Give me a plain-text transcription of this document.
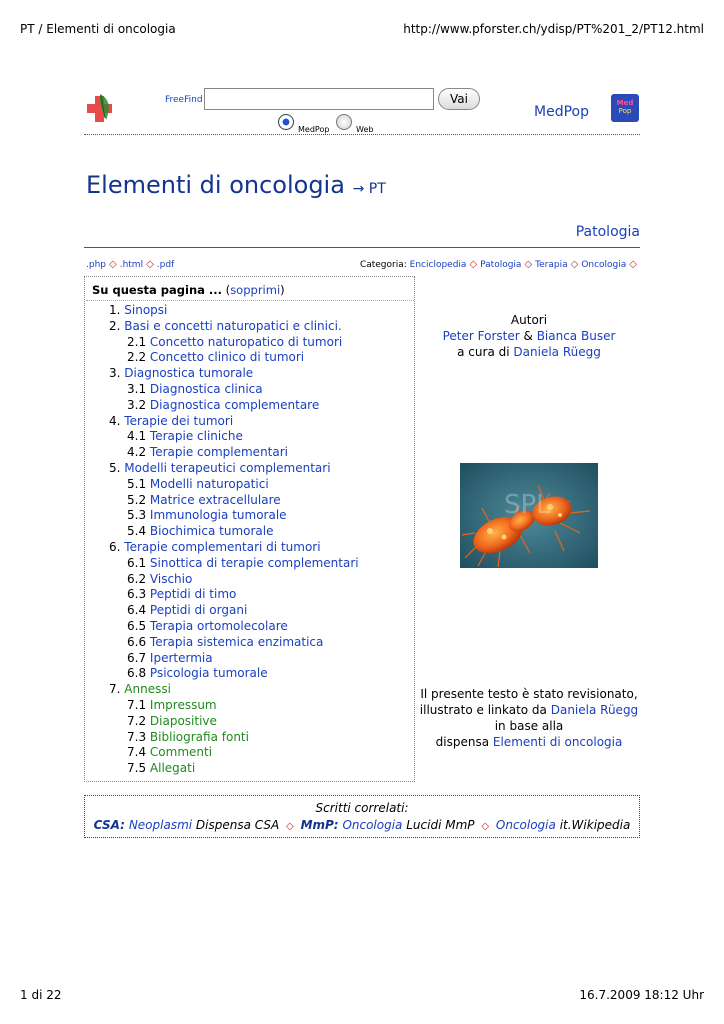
PT / Elementi di oncologia	http://www.pforster.ch/ydisp/PT%201_2/PT12.html
FreeFind	Vai
MedPop	Web
MedPop
Med
Pop
Elementi di oncologia → PT
Patologia
.php ◇ .html ◇ .pdf	Categoria: Enciclopedia ◇ Patologia ◇ Terapia ◇ Oncologia ◇
Su questa pagina ... (sopprimi)
1. Sinopsi
2. Basi e concetti naturopatici e clinici.
2.1 Concetto naturopatico di tumori
2.2 Concetto clinico di tumori
3. Diagnostica tumorale
3.1 Diagnostica clinica
3.2 Diagnostica complementare
4. Terapie dei tumori
4.1 Terapie cliniche
4.2 Terapie complementari
5. Modelli terapeutici complementari
5.1 Modelli naturopatici
5.2 Matrice extracellulare
5.3 Immunologia tumorale
5.4 Biochimica tumorale
6. Terapie complementari di tumori
6.1 Sinottica di terapie complementari
6.2 Vischio
6.3 Peptidi di timo
6.4 Peptidi di organi
6.5 Terapia ortomolecolare
6.6 Terapia sistemica enzimatica
6.7 Ipertermia
6.8 Psicologia tumorale
7. Annessi
7.1 Impressum
7.2 Diapositive
7.3 Bibliografia fonti
7.4 Commenti
7.5 Allegati
Autori
Peter Forster & Bianca Buser
a cura di Daniela Rüegg
SPL
Il presente testo è stato revisionato,
illustrato e linkato da Daniela Rüegg
in base alla
dispensa Elementi di oncologia
Scritti correlati:
CSA: Neoplasmi Dispensa CSA ◇ MmP: Oncologia Lucidi MmP ◇ Oncologia it.Wikipedia
1 di 22	16.7.2009 18:12 Uhr
